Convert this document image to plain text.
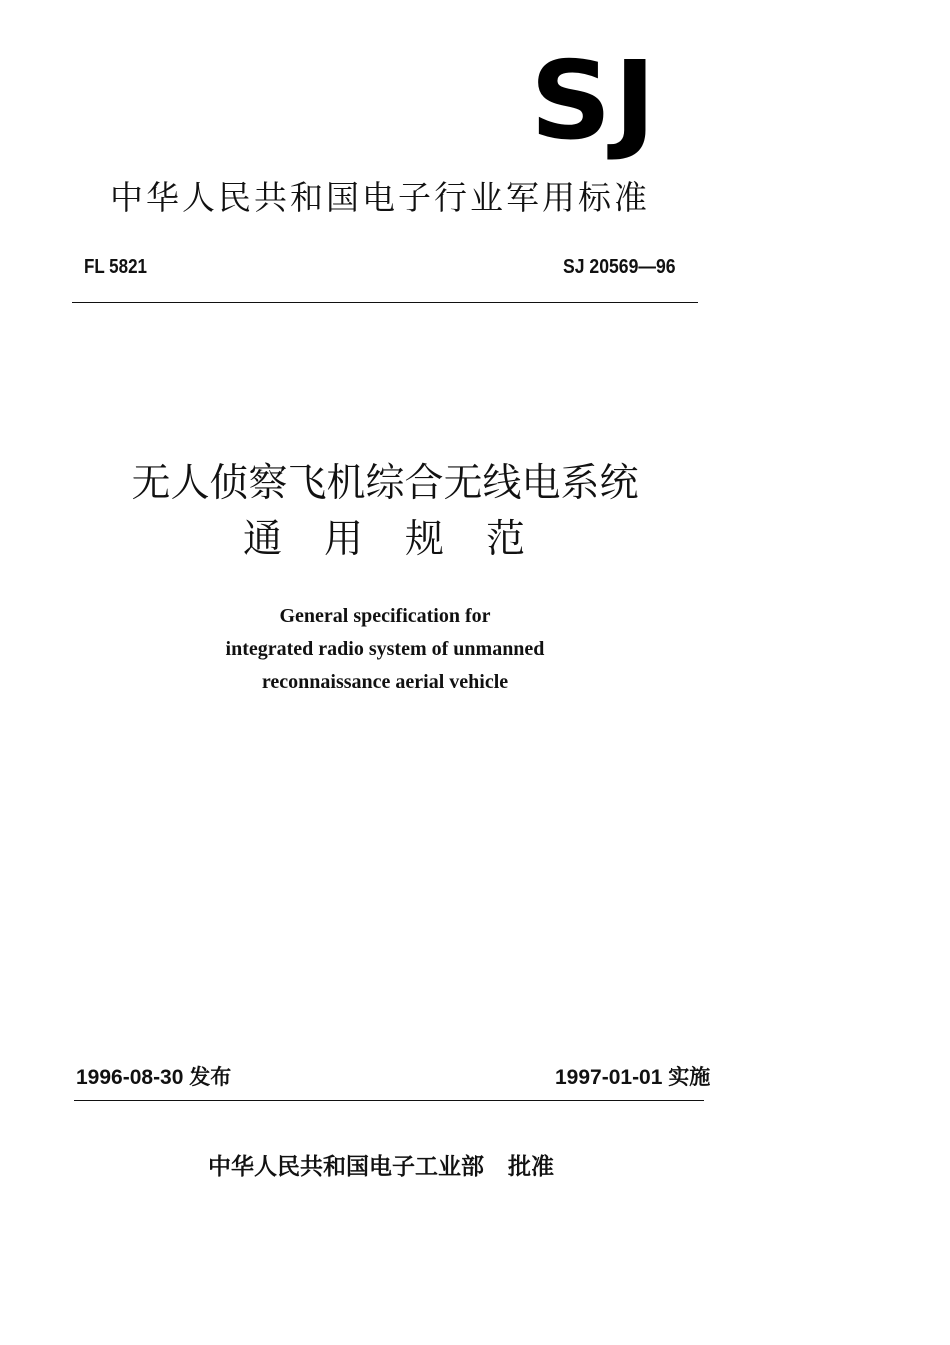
SJ
中华人民共和国电子行业军用标准
FL 5821	SJ 20569—96
无人侦察飞机综合无线电系统
通用规范
General specification for
integrated radio system of unmanned
reconnaissance aerial vehicle
1996-08-30 发布	1997-01-01 实施
中华人民共和国电子工业部 批准
